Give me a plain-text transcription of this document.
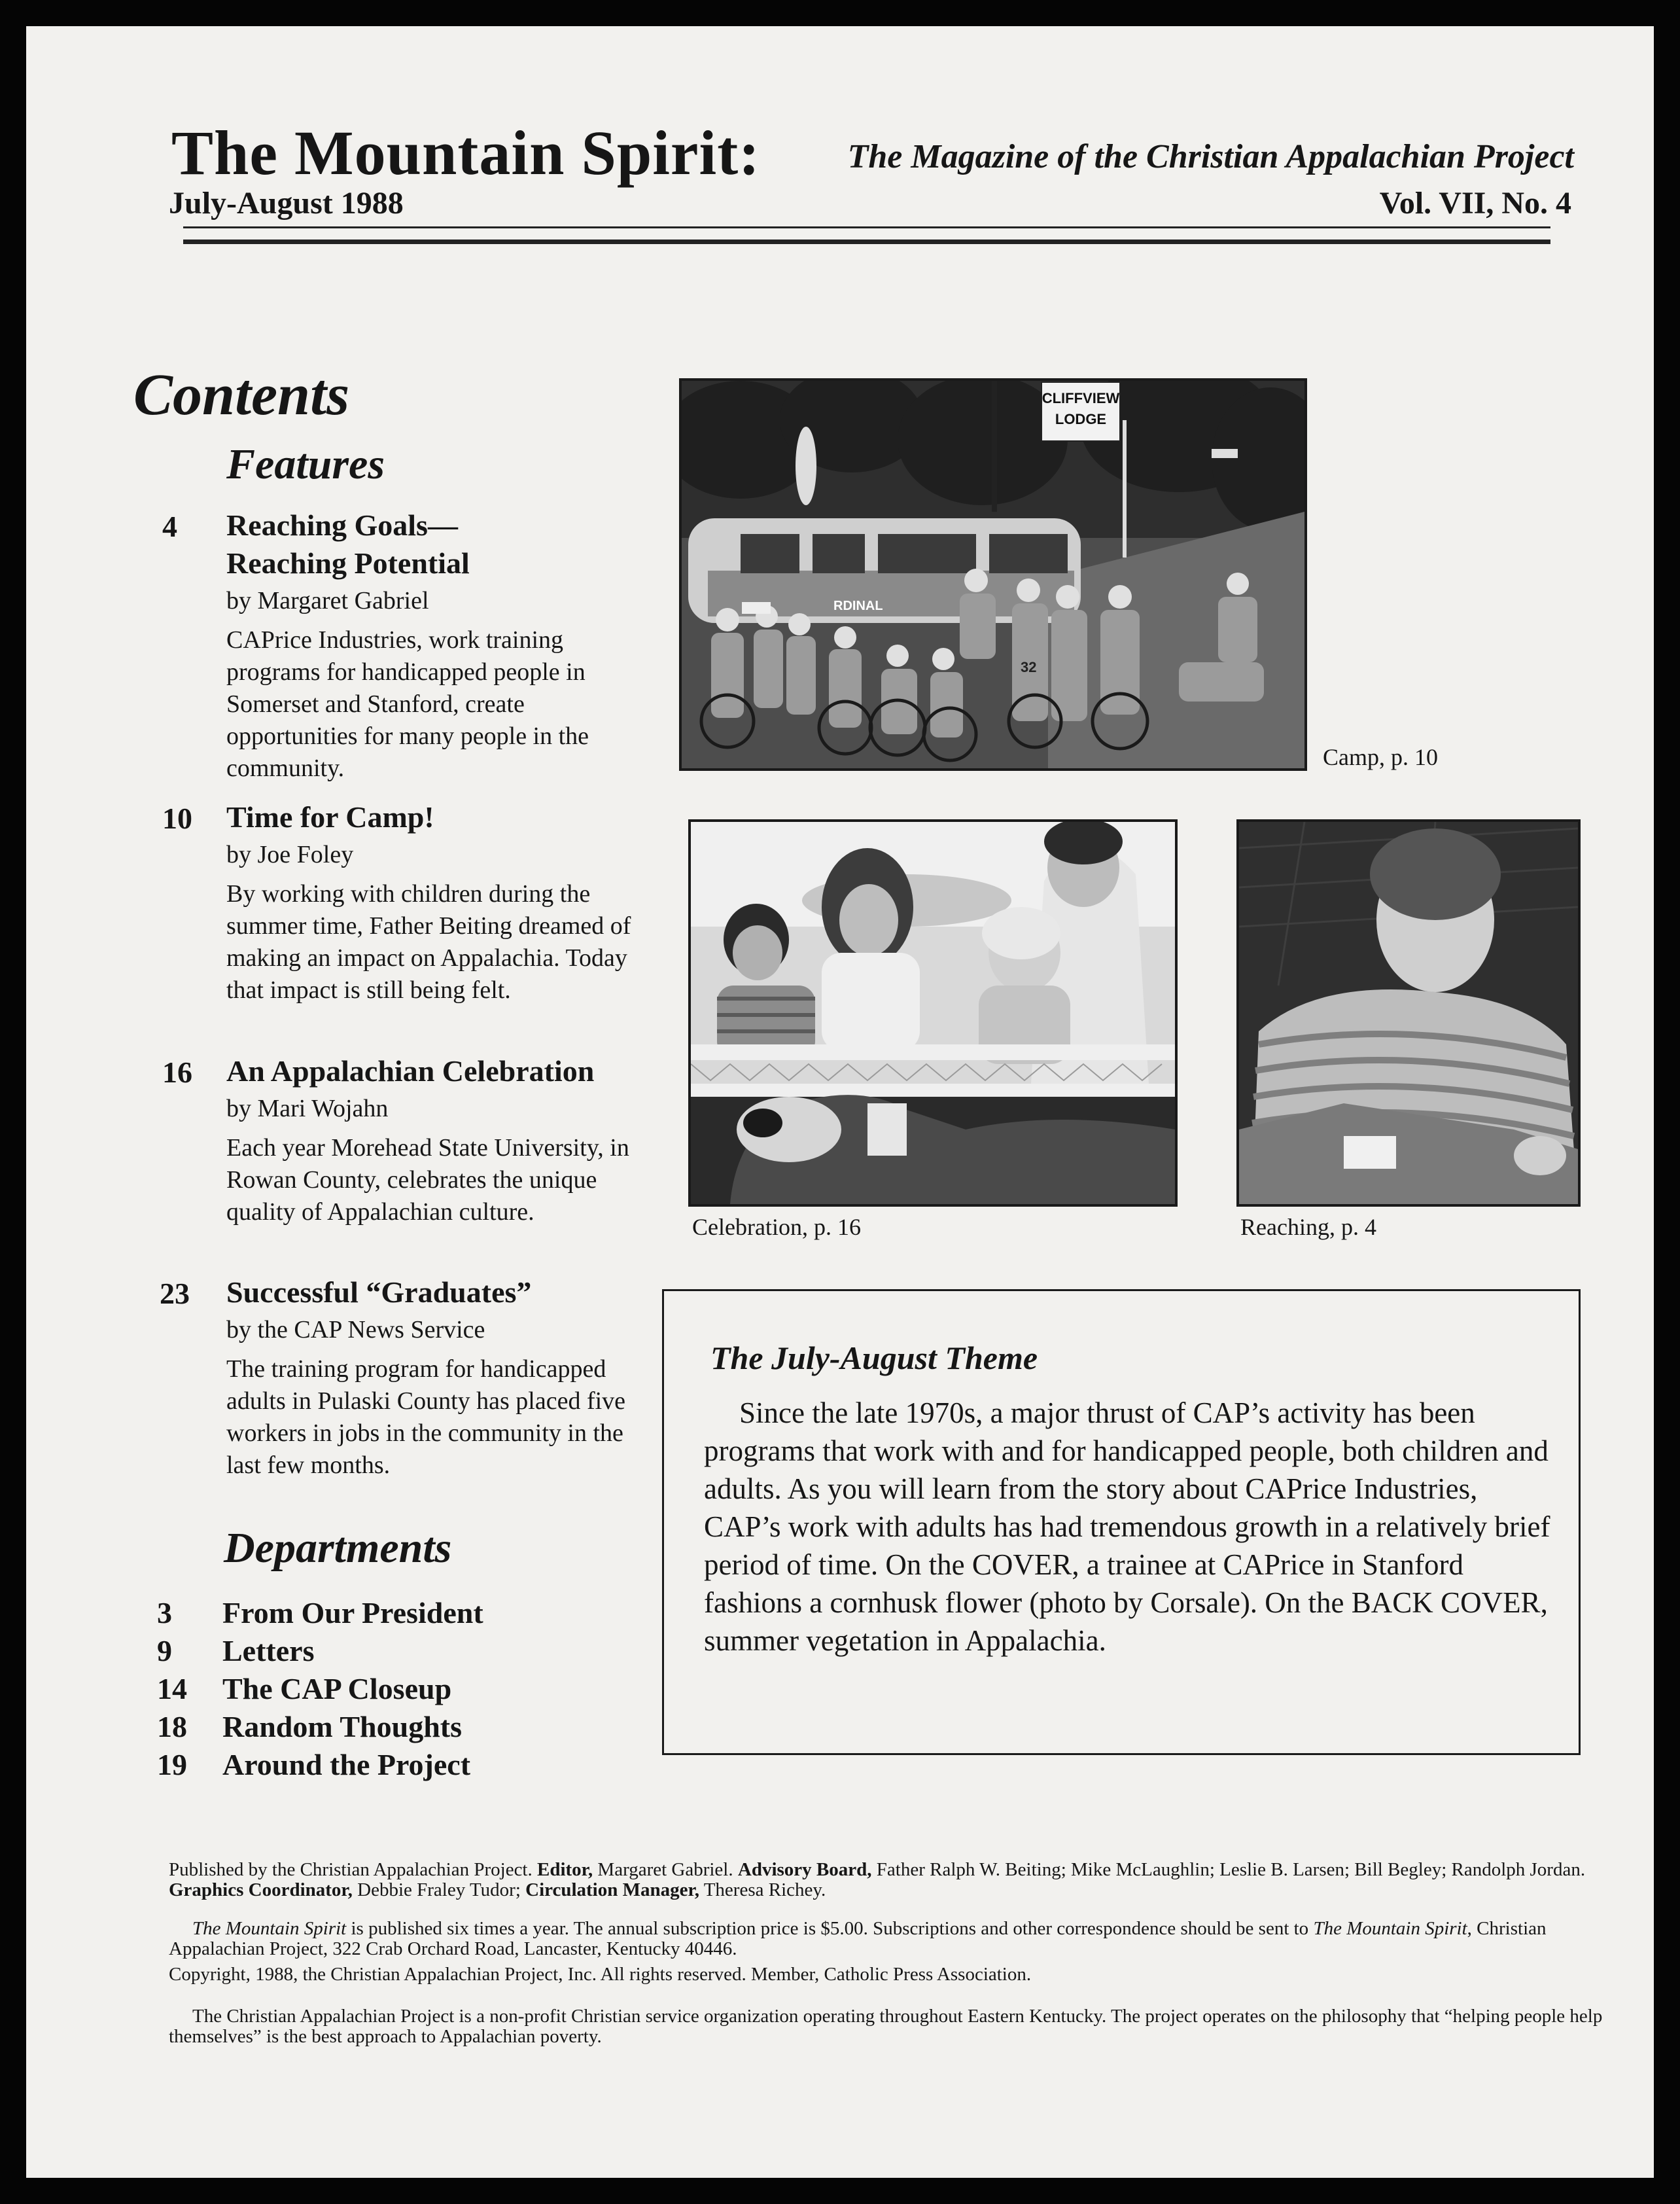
The Mountain Spirit:	The Magazine of the Christian Appalachian Project
July-August 1988	Vol. VII, No. 4
Contents
Features
4	Reaching Goals—
Reaching Potential
by Margaret Gabriel
CAPrice Industries, work training programs for handicapped people in Somerset and Stanford, create opportunities for many people in the community.
10	Time for Camp!
by Joe Foley
By working with children during the summer time, Father Beiting dreamed of making an impact on Appalachia. Today that impact is still being felt.
16	An Appalachian Celebration
by Mari Wojahn
Each year Morehead State University, in Rowan County, celebrates the unique quality of Appalachian culture.
23	Successful “Graduates”
by the CAP News Service
The training program for handicapped adults in Pulaski County has placed five workers in jobs in the community in the last few months.
Departments
3 From Our President
9 Letters
14 The CAP Closeup
18 Random Thoughts
19 Around the Project
RDINAL
CLIFFVIEW
LODGE
32
Camp, p. 10
Celebration, p. 16	Reaching, p. 4
The July-August Theme
Since the late 1970s, a major thrust of CAP’s activity has been programs that work with and for handicapped people, both children and adults. As you will learn from the story about CAPrice Industries, CAP’s work with adults has had tremendous growth in a relatively brief period of time. On the COVER, a trainee at CAPrice in Stanford fashions a cornhusk flower (photo by Corsale). On the BACK COVER, summer vegetation in Appalachia.
Published by the Christian Appalachian Project. Editor, Margaret Gabriel. Advisory Board, Father Ralph W. Beiting; Mike McLaughlin; Leslie B. Larsen; Bill Begley; Randolph Jordan. Graphics Coordinator, Debbie Fraley Tudor; Circulation Manager, Theresa Richey.
The Mountain Spirit is published six times a year. The annual subscription price is $5.00. Subscriptions and other correspondence should be sent to The Mountain Spirit, Christian Appalachian Project, 322 Crab Orchard Road, Lancaster, Kentucky 40446.
Copyright, 1988, the Christian Appalachian Project, Inc. All rights reserved. Member, Catholic Press Association.
The Christian Appalachian Project is a non-profit Christian service organization operating throughout Eastern Kentucky. The project operates on the philosophy that “helping people help themselves” is the best approach to Appalachian poverty.
